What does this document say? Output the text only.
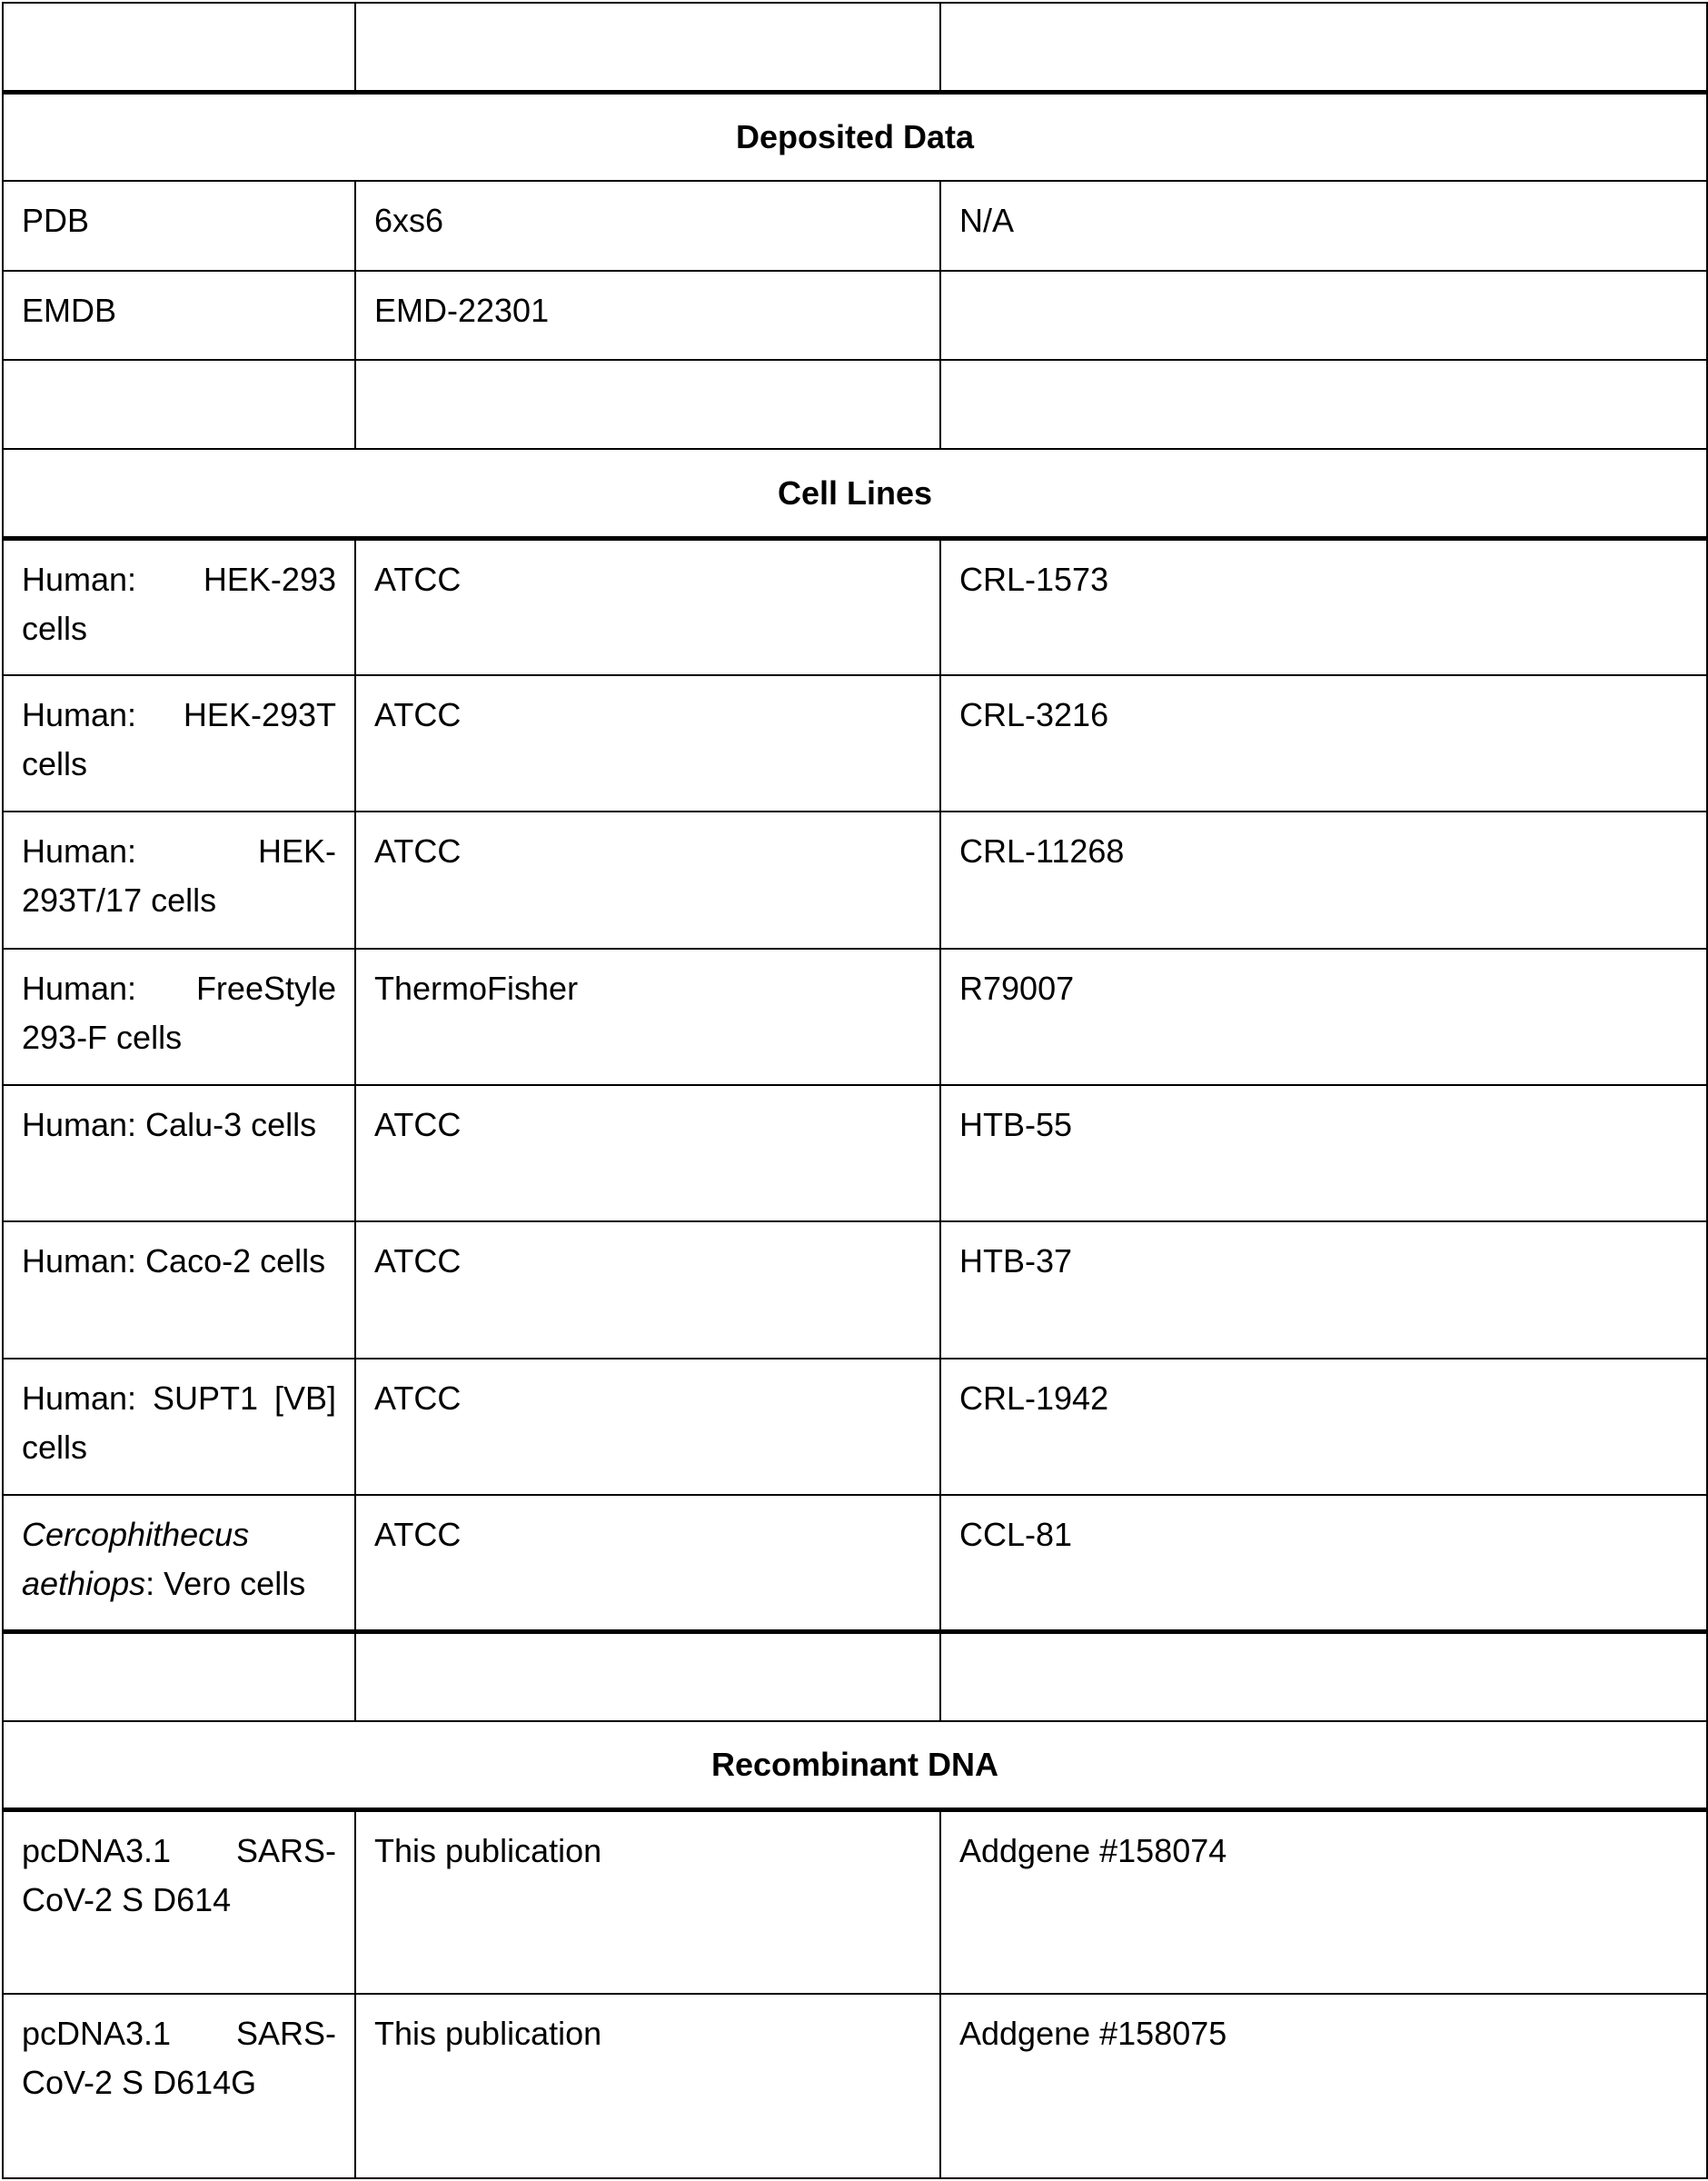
Deposited Data		

PDB	6xs6	N/A

EMDB	EMD-22301	

Cell Lines		

Human: HEK-293 cells	ATCC	CRL-1573

Human: HEK-293T cells	ATCC	CRL-3216

Human: HEK-293T/17 cells	ATCC	CRL-11268

Human: FreeStyle 293-F cells	ThermoFisher	R79007

Human: Calu-3 cells	ATCC	HTB-55

Human: Caco-2 cells	ATCC	HTB-37

Human: SUPT1 [VB] cells	ATCC	CRL-1942

Cercophithecus aethiops: Vero cells	ATCC	CCL-81

Recombinant DNA		

pcDNA3.1 SARS-CoV-2 S D614	This publication	Addgene #158074

pcDNA3.1 SARS-CoV-2 S D614G	This publication	Addgene #158075
